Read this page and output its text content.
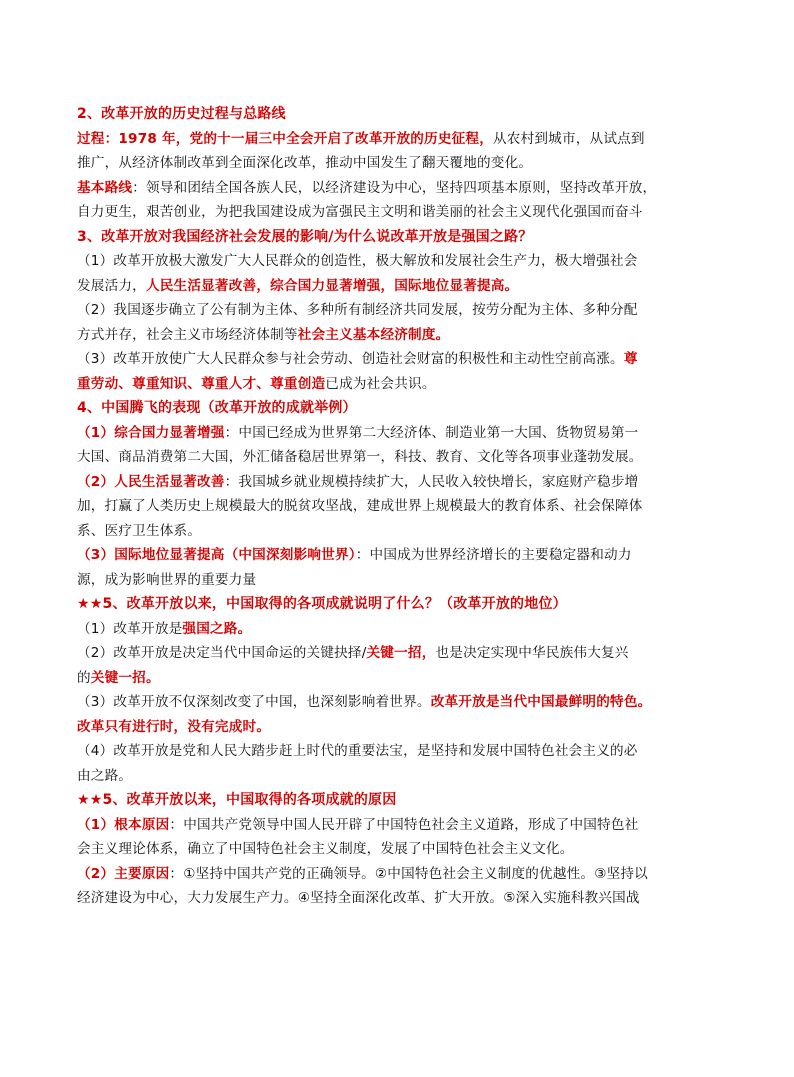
2、改革开放的历史过程与总路线
过程：1978 年，党的十一届三中全会开启了改革开放的历史征程，从农村到城市，从试点到
推广，从经济体制改革到全面深化改革，推动中国发生了翻天覆地的变化。
基本路线：领导和团结全国各族人民，以经济建设为中心，坚持四项基本原则，坚持改革开放，
自力更生，艰苦创业，为把我国建设成为富强民主文明和谐美丽的社会主义现代化强国而奋斗
3、改革开放对我国经济社会发展的影响/为什么说改革开放是强国之路？
（1）改革开放极大激发广大人民群众的创造性，极大解放和发展社会生产力，极大增强社会
发展活力，人民生活显著改善，综合国力显著增强，国际地位显著提高。
（2）我国逐步确立了公有制为主体、多种所有制经济共同发展，按劳分配为主体、多种分配
方式并存，社会主义市场经济体制等社会主义基本经济制度。
（3）改革开放使广大人民群众参与社会劳动、创造社会财富的积极性和主动性空前高涨。尊
重劳动、尊重知识、尊重人才、尊重创造已成为社会共识。
4、中国腾飞的表现（改革开放的成就举例）
（1）综合国力显著增强：中国已经成为世界第二大经济体、制造业第一大国、货物贸易第一
大国、商品消费第二大国，外汇储备稳居世界第一，科技、教育、文化等各项事业蓬勃发展。
（2）人民生活显著改善：我国城乡就业规模持续扩大，人民收入较快增长，家庭财产稳步增
加，打赢了人类历史上规模最大的脱贫攻坚战，建成世界上规模最大的教育体系、社会保障体
系、医疗卫生体系。
（3）国际地位显著提高（中国深刻影响世界）：中国成为世界经济增长的主要稳定器和动力
源，成为影响世界的重要力量
★★5、改革开放以来，中国取得的各项成就说明了什么？（改革开放的地位）
（1）改革开放是强国之路。
（2）改革开放是决定当代中国命运的关键抉择/关键一招，也是决定实现中华民族伟大复兴
的关键一招。
（3）改革开放不仅深刻改变了中国，也深刻影响着世界。改革开放是当代中国最鲜明的特色。
改革只有进行时，没有完成时。
（4）改革开放是党和人民大踏步赶上时代的重要法宝，是坚持和发展中国特色社会主义的必
由之路。
★★5、改革开放以来，中国取得的各项成就的原因
（1）根本原因：中国共产党领导中国人民开辟了中国特色社会主义道路，形成了中国特色社
会主义理论体系，确立了中国特色社会主义制度，发展了中国特色社会主义文化。
（2）主要原因：①坚持中国共产党的正确领导。②中国特色社会主义制度的优越性。③坚持以
经济建设为中心，大力发展生产力。④坚持全面深化改革、扩大开放。⑤深入实施科教兴国战
